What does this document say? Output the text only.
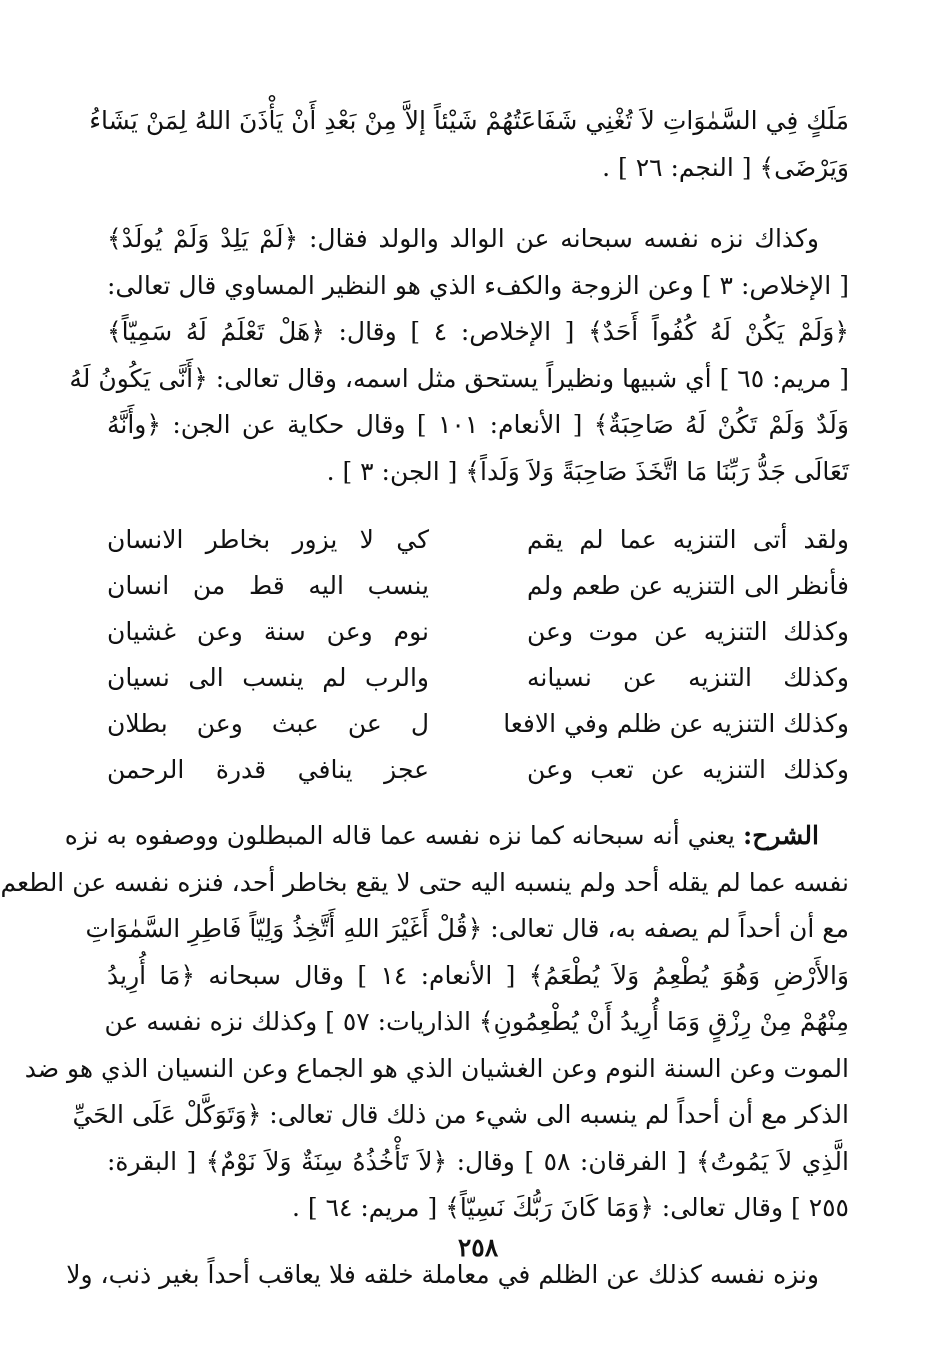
مَلَكٍ فِي السَّمٰوَاتِ لاَ تُغْنِي شَفَاعَتُهُمْ شَيْئاً إلاَّ مِنْ بَعْدِ أَنْ يَأْذَنَ اللهُ لِمَنْ يَشَاءُ
وَيَرْضَى﴾ [ النجم: ٢٦ ] .
وكذاك نزه نفسه سبحانه عن الوالد والولد فقال: ﴿لَمْ يَلِدْ وَلَمْ يُولَدْ﴾
[ الإخلاص: ٣ ] وعن الزوجة والكفء الذي هو النظير المساوي قال تعالى:
﴿وَلَمْ يَكُنْ لَهُ كُفُواً أَحَدٌ﴾ [ الإخلاص: ٤ ] وقال: ﴿هَلْ تَعْلَمُ لَهُ سَمِيّاً﴾
[ مريم: ٦٥ ] أي شبيها ونظيراً يستحق مثل اسمه، وقال تعالى: ﴿أَنَّى يَكُونُ لَهُ
وَلَدٌ وَلَمْ تَكُنْ لَهُ صَاحِبَةٌ﴾ [ الأنعام: ١٠١ ] وقال حكاية عن الجن: ﴿وأَنَّهُ
تَعَالَى جَدُّ رَبِّنَا مَا اتَّخَذَ صَاحِبَةً وَلاَ وَلَداً﴾ [ الجن: ٣ ] .
ولقد أتى التنزيه عما لم يقم
كي لا يزور بخاطر الانسان
فأنظر الى التنزيه عن طعم ولم
ينسب اليه قط من انسان
وكذلك التنزيه عن موت وعن
نوم وعن سنة وعن غشيان
وكذلك التنزيه عن نسيانه
والرب لم ينسب الى نسيان
وكذلك التنزيه عن ظلم وفي الافعا
ل عن عبث وعن بطلان
وكذلك التنزيه عن تعب وعن
عجز ينافي قدرة الرحمن
الشرح: يعني أنه سبحانه كما نزه نفسه عما قاله المبطلون ووصفوه به نزه
نفسه عما لم يقله أحد ولم ينسبه اليه حتى لا يقع بخاطر أحد، فنزه نفسه عن الطعم
مع أن أحداً لم يصفه به، قال تعالى: ﴿قُلْ أَغَيْرَ اللهِ أَتَّخِذُ وَلِيّاً فَاطِرِ السَّمٰوَاتِ
وَالأَرْضِ وَهُوَ يُطْعِمُ وَلاَ يُطْعَمُ﴾ [ الأنعام: ١٤ ] وقال سبحانه ﴿مَا أُرِيدُ
مِنْهُمْ مِنْ رِزْقٍ وَمَا أُرِيدُ أَنْ يُطْعِمُونِ﴾ الذاريات: ٥٧ ] وكذلك نزه نفسه عن
الموت وعن السنة النوم وعن الغشيان الذي هو الجماع وعن النسيان الذي هو ضد
الذكر مع أن أحداً لم ينسبه الى شيء من ذلك قال تعالى: ﴿وَتَوَكَّلْ عَلَى الحَيِّ
الَّذِي لاَ يَمُوتُ﴾ [ الفرقان: ٥٨ ] وقال: ﴿لاَ تَأْخُذُهُ سِنَةٌ وَلاَ نَوْمٌ﴾ [ البقرة:
٢٥٥ ] وقال تعالى: ﴿وَمَا كَانَ رَبُّكَ نَسِيّاً﴾ [ مريم: ٦٤ ] .
ونزه نفسه كذلك عن الظلم في معاملة خلقه فلا يعاقب أحداً بغير ذنب، ولا
٢٥٨
